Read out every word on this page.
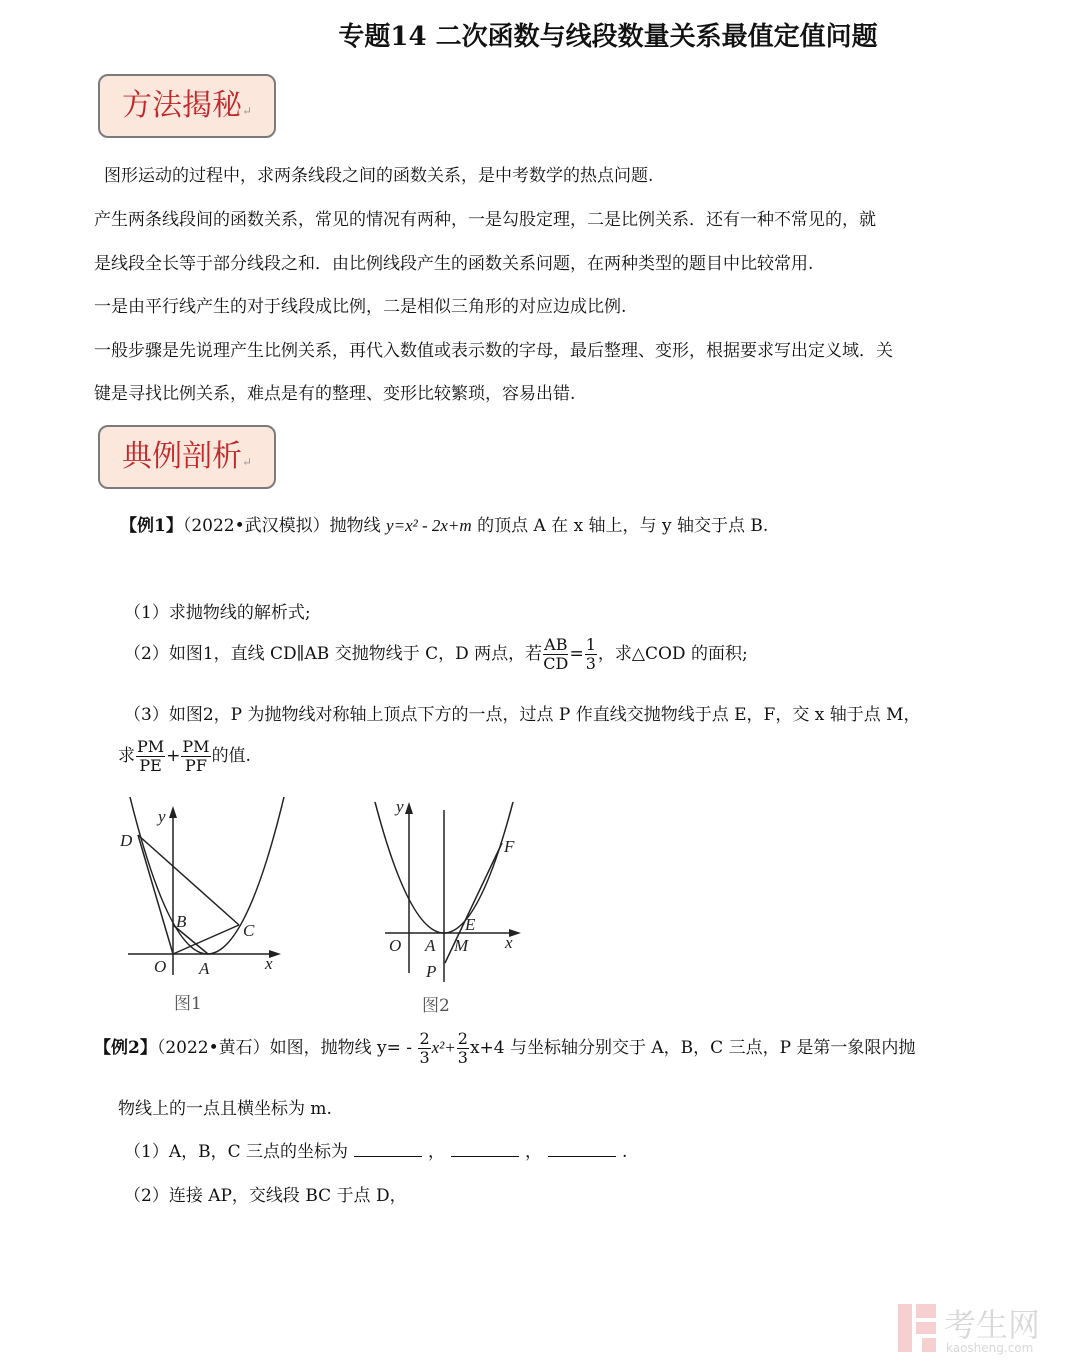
专题14 二次函数与线段数量关系最值定值问题
方法揭秘↵
图形运动的过程中，求两条线段之间的函数关系，是中考数学的热点问题.
产生两条线段间的函数关系，常见的情况有两种，一是勾股定理，二是比例关系．还有一种不常见的，就
是线段全长等于部分线段之和．由比例线段产生的函数关系问题，在两种类型的题目中比较常用.
一是由平行线产生的对于线段成比例，二是相似三角形的对应边成比例.
一般步骤是先说理产生比例关系，再代入数值或表示数的字母，最后整理、变形，根据要求写出定义域．关
键是寻找比例关系，难点是有的整理、变形比较繁琐，容易出错.
典例剖析↵
【例1】（2022•武汉模拟）抛物线 y=x² - 2x+m 的顶点 A 在 x 轴上，与 y 轴交于点 B.
（1）求抛物线的解析式;
（2）如图1，直线 CD∥AB 交抛物线于 C，D 两点，若 $\frac{AB}{CD} = \frac{1}{3}$ ，求△COD 的面积;
（3）如图2，P 为抛物线对称轴上顶点下方的一点，过点 P 作直线交抛物线于点 E，F，交 x 轴于点 M，
求 $\frac{PM}{PE} + \frac{PM}{PF}$ 的值.
y
D
B	C
O A	x
y
F
E
O A M x
P
图1	图2
【例2】（2022•黄石）如图，抛物线 $y= - \frac{2}{3} x^2+ \frac{2}{3} x+4$ 与坐标轴分别交于 A，B，C 三点，P 是第一象限内抛
物线上的一点且横坐标为 m.
（1）A，B，C 三点的坐标为	，	，	.
（2）连接 AP，交线段 BC 于点 D，
考生网
kaosheng.com
